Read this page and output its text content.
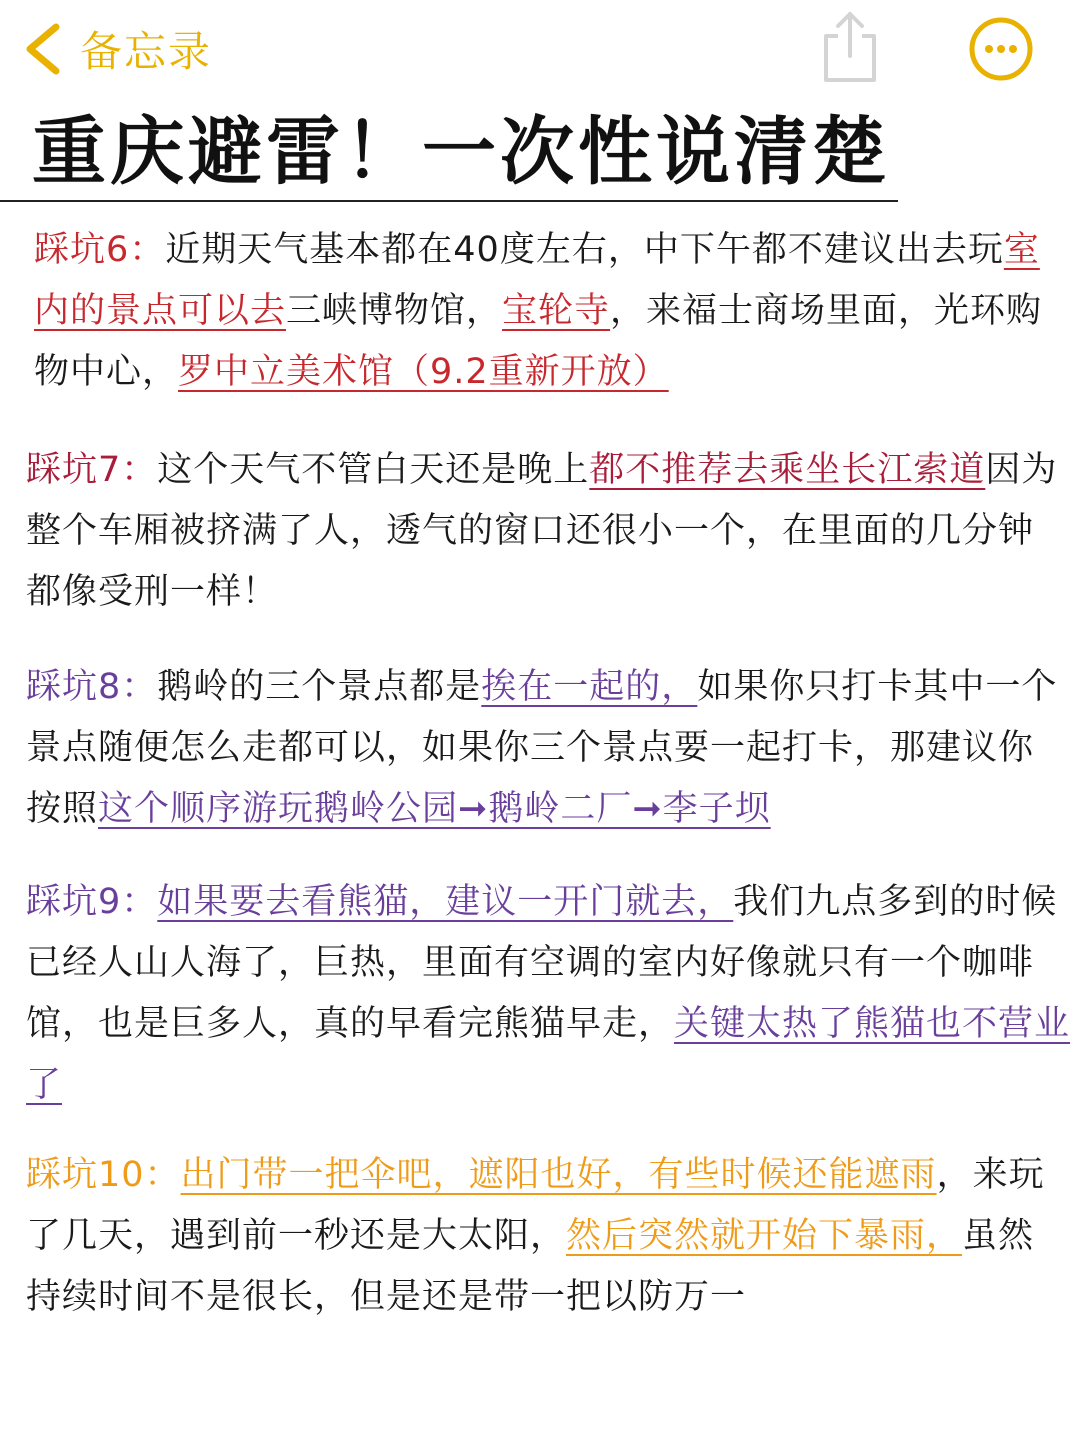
备忘录
重庆避雷！一次性说清楚

踩坑6：近期天气基本都在40度左右，中下午都不建议出去玩室内的景点可以去三峡博物馆，宝轮寺，来福士商场里面，光环购物中心，罗中立美术馆（9.2重新开放）

踩坑7：这个天气不管白天还是晚上都不推荐去乘坐长江索道因为整个车厢被挤满了人，透气的窗口还很小一个，在里面的几分钟都像受刑一样！

踩坑8：鹅岭的三个景点都是挨在一起的，如果你只打卡其中一个景点随便怎么走都可以，如果你三个景点要一起打卡，那建议你按照这个顺序游玩鹅岭公园➞鹅岭二厂➞李子坝

踩坑9：如果要去看熊猫，建议一开门就去，我们九点多到的时候已经人山人海了，巨热，里面有空调的室内好像就只有一个咖啡馆，也是巨多人，真的早看完熊猫早走，关键太热了熊猫也不营业了

踩坑10：出门带一把伞吧，遮阳也好，有些时候还能遮雨，来玩了几天，遇到前一秒还是大太阳，然后突然就开始下暴雨，虽然持续时间不是很长，但是还是带一把以防万一
